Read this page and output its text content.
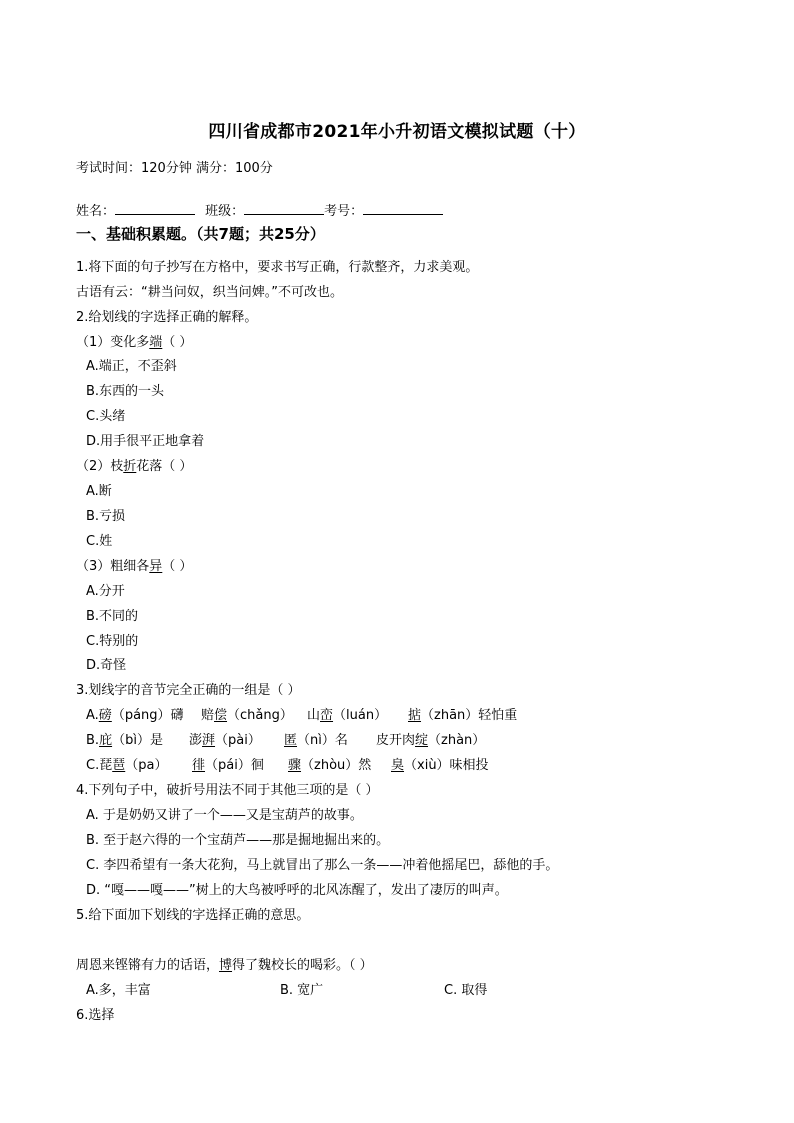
四川省成都市2021年小升初语文模拟试题（十）
考试时间：120分钟 满分：100分
姓名：	班级：	考号：
一、基础积累题。（共7题；共25分）
1.将下面的句子抄写在方格中，要求书写正确，行款整齐，力求美观。
古语有云：“耕当问奴，织当问婢。”不可改也。
2.给划线的字选择正确的解释。
（1）变化多端（ ）
A.端正，不歪斜
B.东西的一头
C.头绪
D.用手很平正地拿着
（2）枝折花落（ ）
A.断
B.亏损
C.姓
（3）粗细各异（ ）
A.分开
B.不同的
C.特别的
D.奇怪
3.划线字的音节完全正确的一组是（ ）
A.磅（páng）礴 赔偿（chǎng） 山峦（luán） 掂（zhān）轻怕重
B.庇（bì）是 澎湃（pài） 匿（nì）名 皮开肉绽（zhàn）
C.琵琶（pa） 徘（pái）徊 骤（zhòu）然 臭（xiù）味相投
4.下列句子中，破折号用法不同于其他三项的是（ ）
A. 于是奶奶又讲了一个——又是宝葫芦的故事。
B. 至于赵六得的一个宝葫芦——那是掘地掘出来的。
C. 李四希望有一条大花狗，马上就冒出了那么一条——冲着他摇尾巴，舔他的手。
D. “嘎——嘎——”树上的大鸟被呼呼的北风冻醒了，发出了凄厉的叫声。
5.给下面加下划线的字选择正确的意思。
周恩来铿锵有力的话语，博得了魏校长的喝彩。（ ）
A.多，丰富	B. 宽广	C. 取得
6.选择
